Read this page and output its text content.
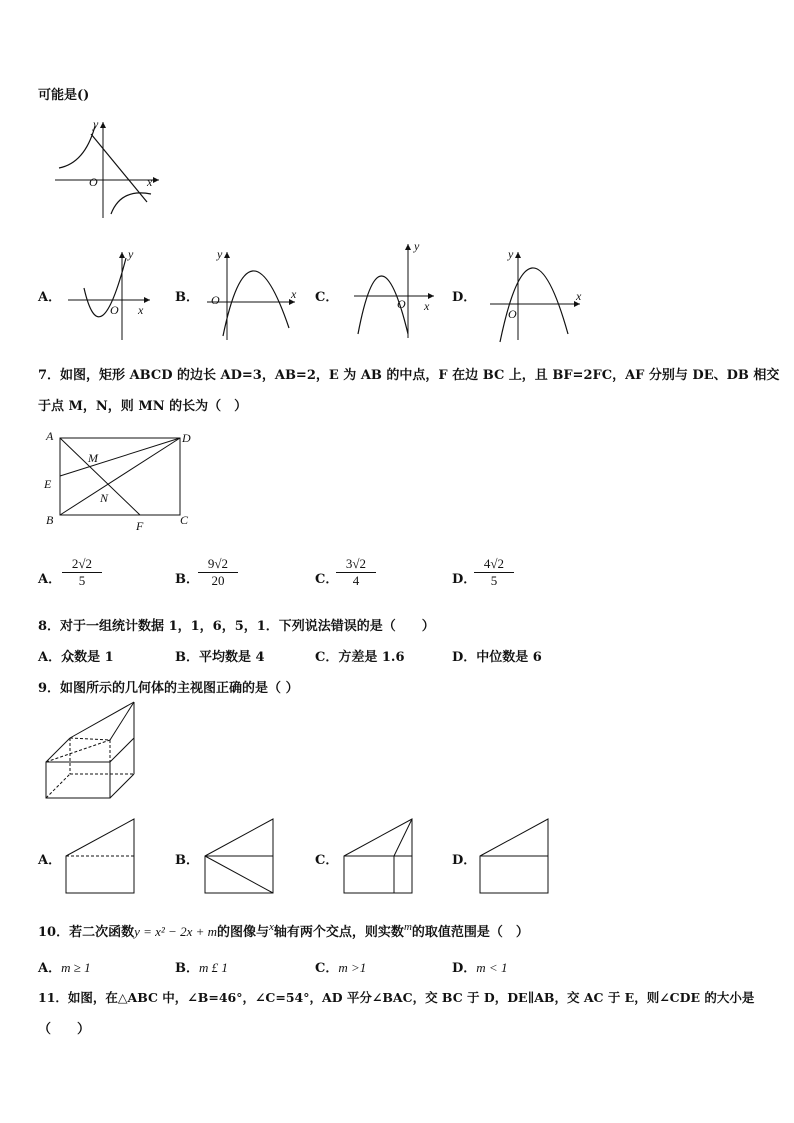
可能是()
y
x
O
A．
y
x
O
B．
y
x
O	C．
y
x
O	D．
y
x
O
7．如图，矩形 ABCD 的边长 AD=3，AB=2，E 为 AB 的中点，F 在边 BC 上，且 BF=2FC，AF 分别与 DE、DB 相交
于点 M，N，则 MN 的长为（　）
A	D
E
B	F	C
M
N
A． $\frac{2√2}{5}$	B． $\frac{9√2}{20}$	C．
$\frac{3√2}{4}$	D．
$\frac{4√2}{5}$
8．对于一组统计数据 1，1，6，5，1．下列说法错误的是（　　）
A．众数是 1	B．平均数是 4	C．方差是 1.6	D．中位数是 6
9．如图所示的几何体的主视图正确的是（ ）
A．	B．	C．	D．
10．若二次函数y = x² − 2x + m的图像与$^x$轴有两个交点，则实数$^m$的取值范围是（　）
A．m ≥ 1	B．m £ 1	C．m >1	D．m < 1
11．如图，在△ABC 中，∠B=46°，∠C=54°，AD 平分∠BAC，交 BC 于 D，DE∥AB，交 AC 于 E，则∠CDE 的大小是
（　　）
